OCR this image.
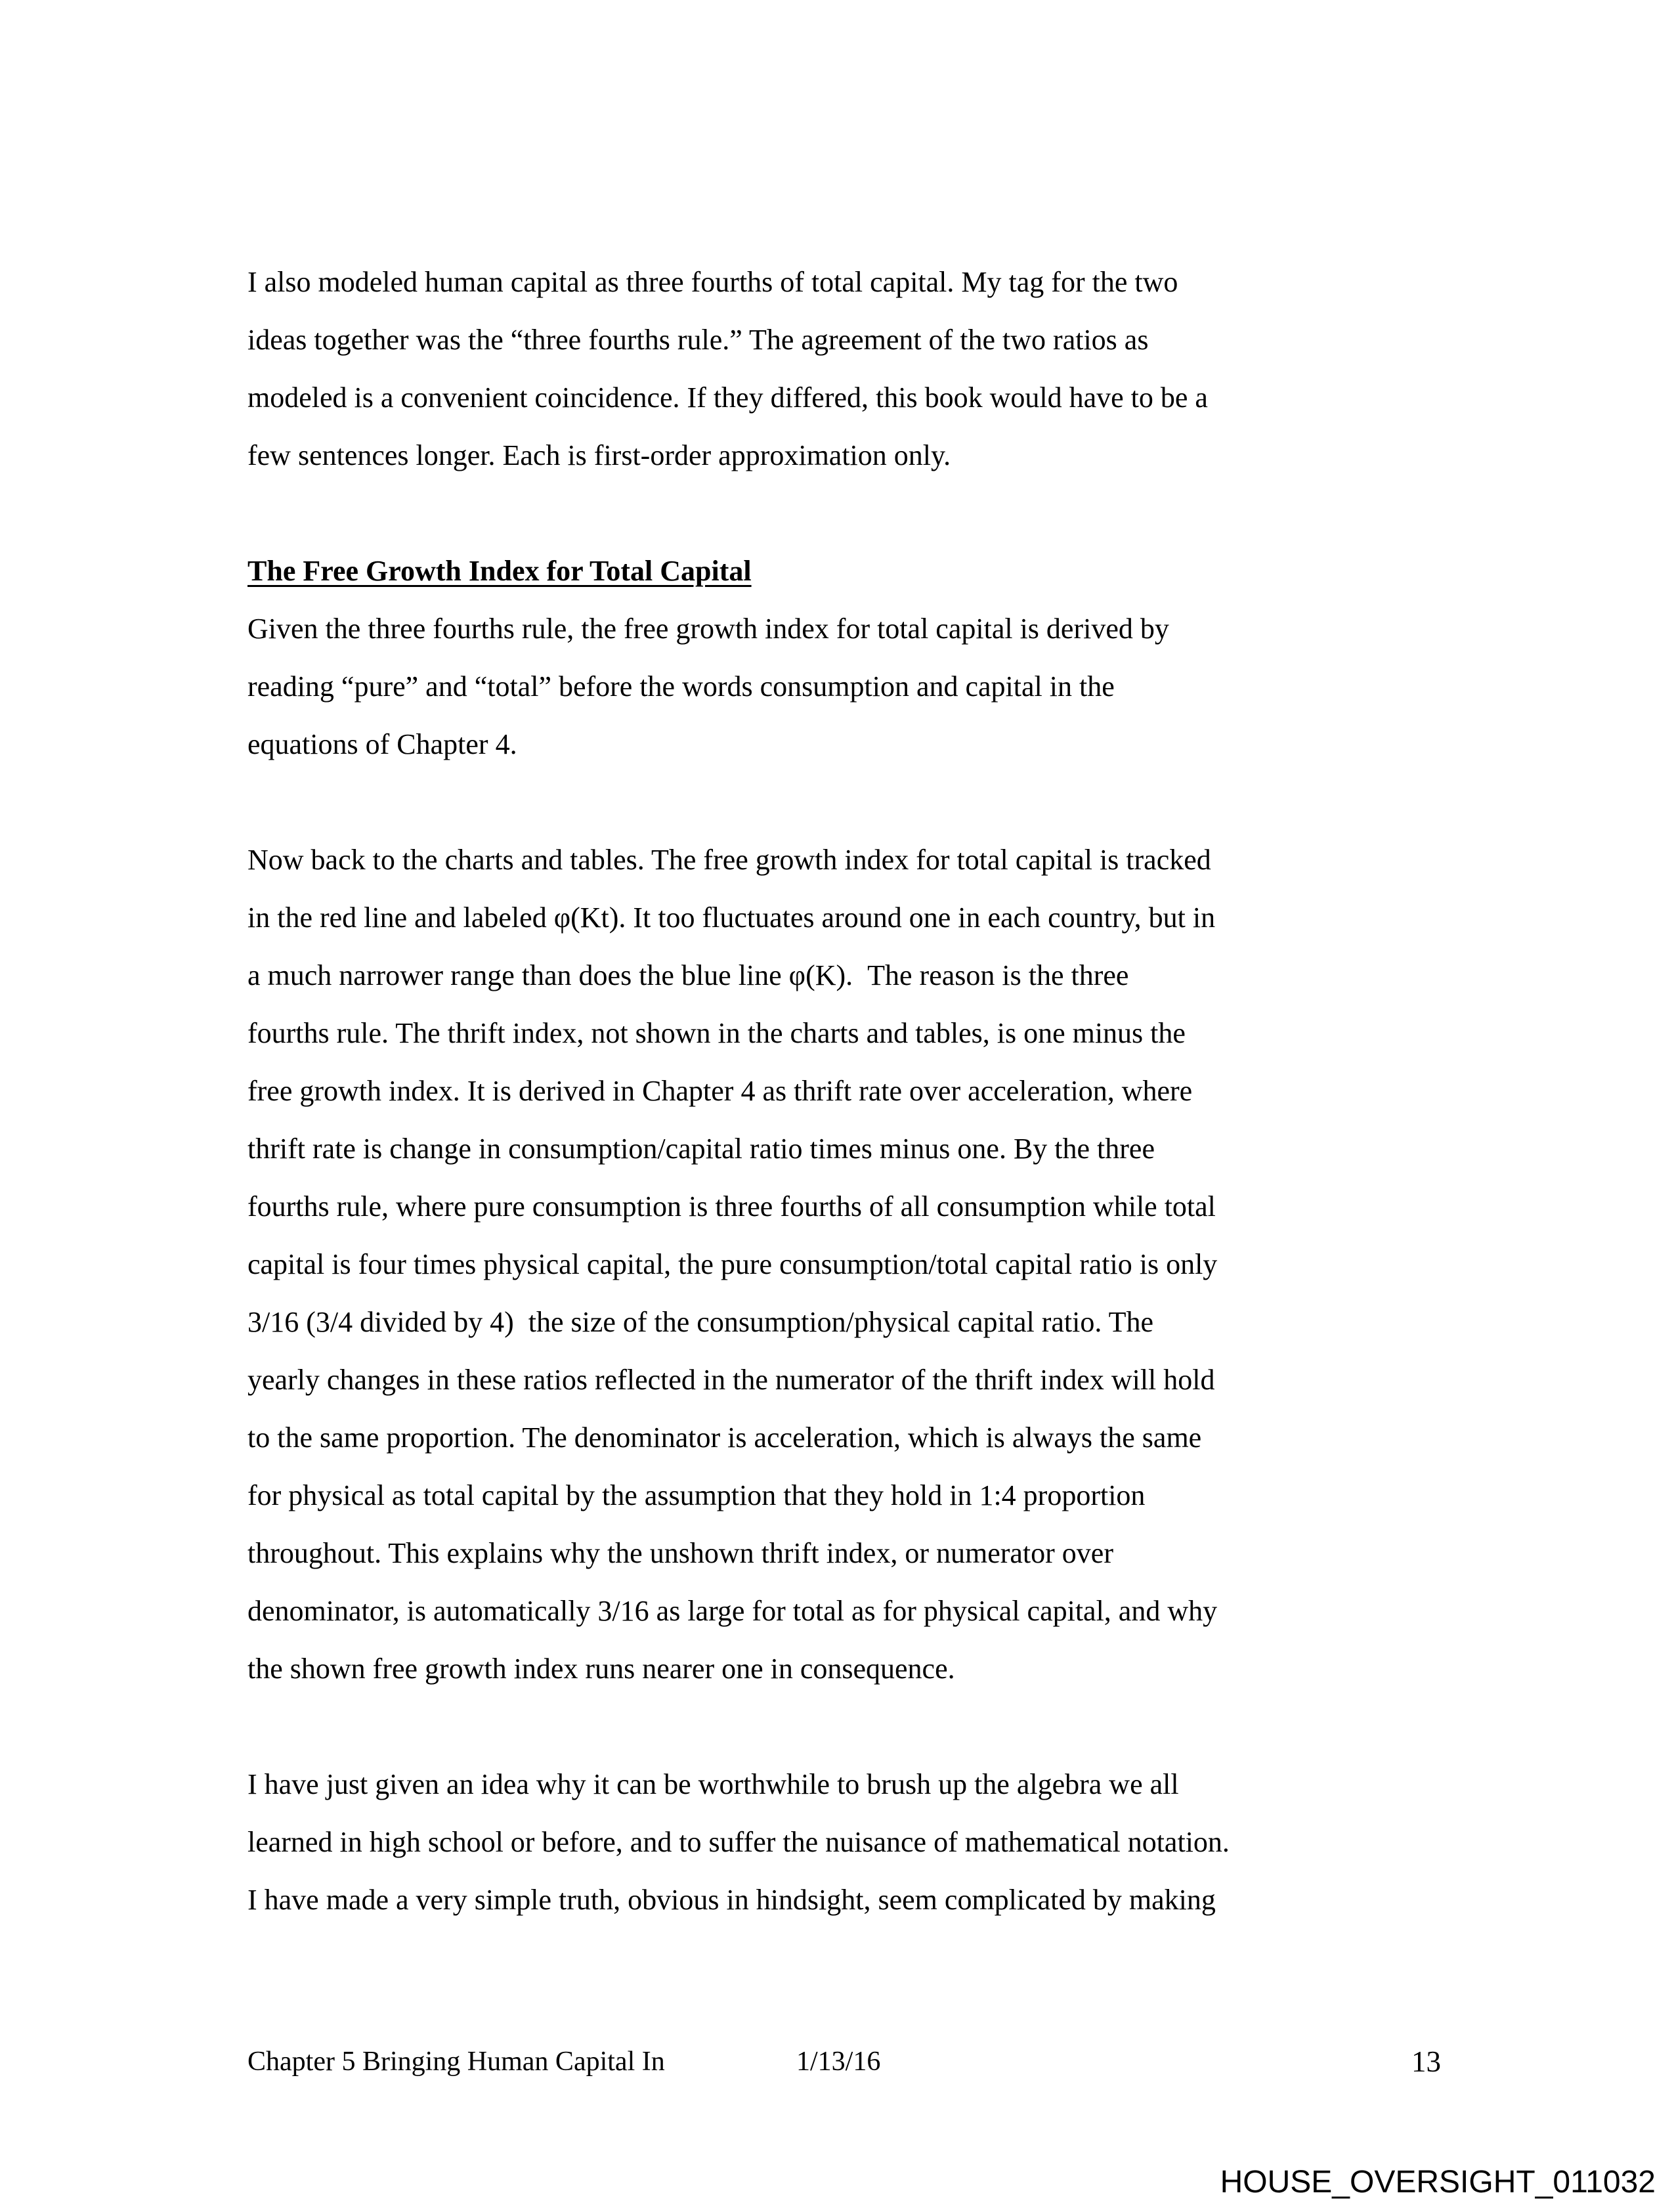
I also modeled human capital as three fourths of total capital. My tag for the two
ideas together was the “three fourths rule.” The agreement of the two ratios as
modeled is a convenient coincidence. If they differed, this book would have to be a
few sentences longer. Each is first-order approximation only.
The Free Growth Index for Total Capital
Given the three fourths rule, the free growth index for total capital is derived by
reading “pure” and “total” before the words consumption and capital in the
equations of Chapter 4.
Now back to the charts and tables. The free growth index for total capital is tracked
in the red line and labeled φ(Kt). It too fluctuates around one in each country, but in
a much narrower range than does the blue line φ(K).  The reason is the three
fourths rule. The thrift index, not shown in the charts and tables, is one minus the
free growth index. It is derived in Chapter 4 as thrift rate over acceleration, where
thrift rate is change in consumption/capital ratio times minus one. By the three
fourths rule, where pure consumption is three fourths of all consumption while total
capital is four times physical capital, the pure consumption/total capital ratio is only
3/16 (3/4 divided by 4)  the size of the consumption/physical capital ratio. The
yearly changes in these ratios reflected in the numerator of the thrift index will hold
to the same proportion. The denominator is acceleration, which is always the same
for physical as total capital by the assumption that they hold in 1:4 proportion
throughout. This explains why the unshown thrift index, or numerator over
denominator, is automatically 3/16 as large for total as for physical capital, and why
the shown free growth index runs nearer one in consequence.
I have just given an idea why it can be worthwhile to brush up the algebra we all
learned in high school or before, and to suffer the nuisance of mathematical notation.
I have made a very simple truth, obvious in hindsight, seem complicated by making
Chapter 5 Bringing Human Capital In	1/13/16	13
HOUSE_OVERSIGHT_011032
